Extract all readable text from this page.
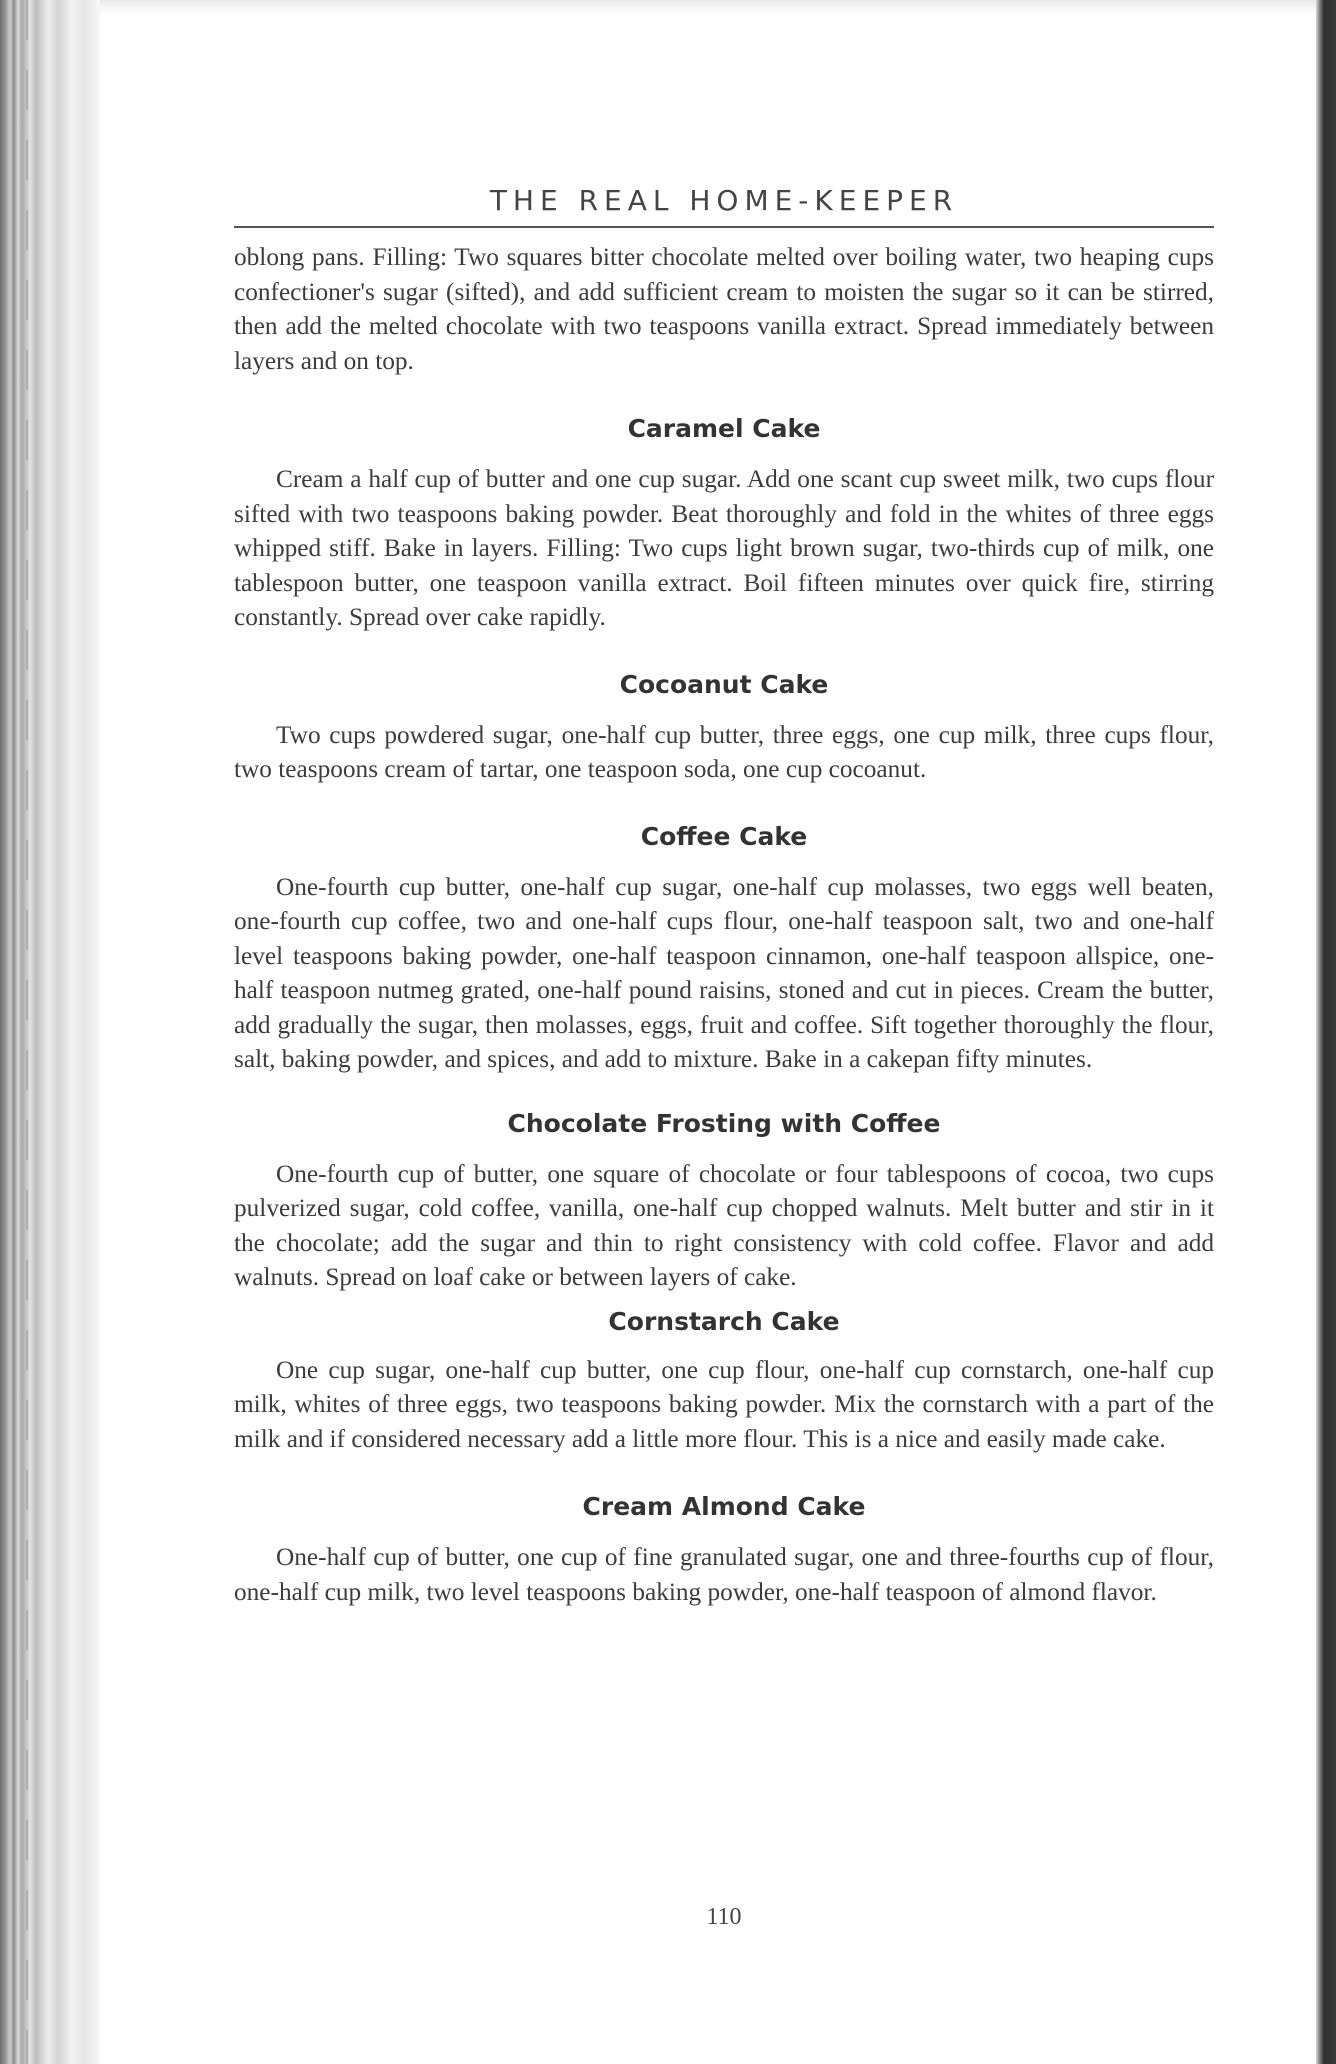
THE REAL HOME-KEEPER

oblong pans. Filling: Two squares bitter chocolate melted over boiling water, two heaping cups confectioner's sugar (sifted), and add sufficient cream to moisten the sugar so it can be stirred, then add the melted chocolate with two teaspoons vanilla extract. Spread immediately between layers and on top.

Caramel Cake

Cream a half cup of butter and one cup sugar. Add one scant cup sweet milk, two cups flour sifted with two teaspoons baking powder. Beat thoroughly and fold in the whites of three eggs whipped stiff. Bake in layers. Filling: Two cups light brown sugar, two-thirds cup of milk, one tablespoon butter, one teaspoon vanilla extract. Boil fifteen minutes over quick fire, stirring constantly. Spread over cake rapidly.

Cocoanut Cake

Two cups powdered sugar, one-half cup butter, three eggs, one cup milk, three cups flour, two teaspoons cream of tartar, one teaspoon soda, one cup cocoanut.

Coffee Cake

One-fourth cup butter, one-half cup sugar, one-half cup molasses, two eggs well beaten, one-fourth cup coffee, two and one-half cups flour, one-half teaspoon salt, two and one-half level teaspoons baking powder, one-half teaspoon cinnamon, one-half teaspoon allspice, one-half teaspoon nutmeg grated, one-half pound raisins, stoned and cut in pieces. Cream the butter, add gradually the sugar, then molasses, eggs, fruit and coffee. Sift together thoroughly the flour, salt, baking powder, and spices, and add to mixture. Bake in a cakepan fifty minutes.

Chocolate Frosting with Coffee

One-fourth cup of butter, one square of chocolate or four tablespoons of cocoa, two cups pulverized sugar, cold coffee, vanilla, one-half cup chopped walnuts. Melt butter and stir in it the chocolate; add the sugar and thin to right consistency with cold coffee. Flavor and add walnuts. Spread on loaf cake or between layers of cake.

Cornstarch Cake

One cup sugar, one-half cup butter, one cup flour, one-half cup cornstarch, one-half cup milk, whites of three eggs, two teaspoons baking powder. Mix the cornstarch with a part of the milk and if considered necessary add a little more flour. This is a nice and easily made cake.

Cream Almond Cake

One-half cup of butter, one cup of fine granulated sugar, one and three-fourths cup of flour, one-half cup milk, two level teaspoons baking powder, one-half teaspoon of almond flavor.

110
